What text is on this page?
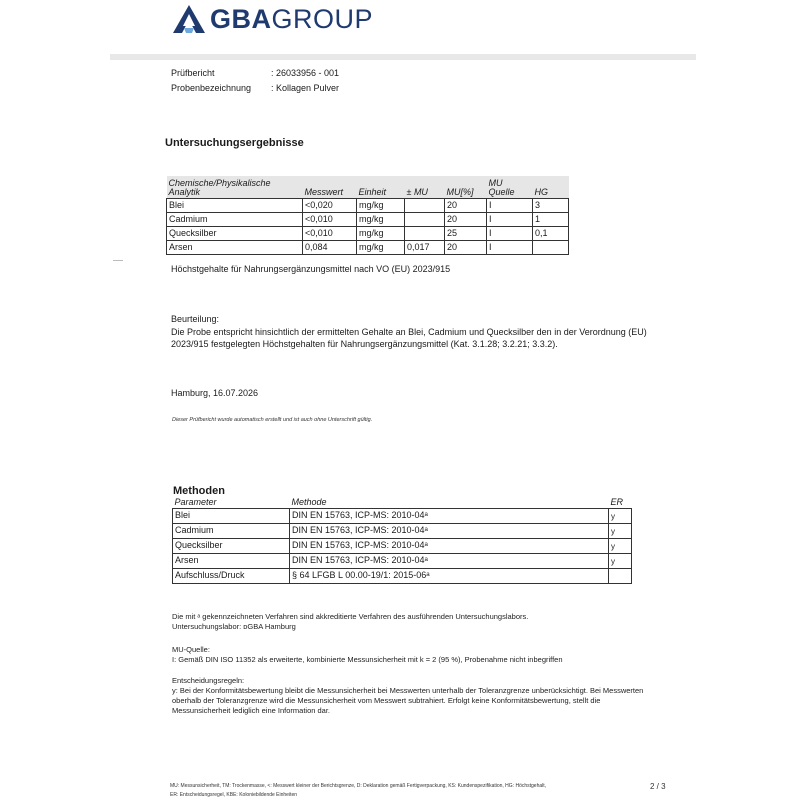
GBAGROUP
Prüfbericht	: 26033956 - 001
Probenbezeichnung : Kollagen Pulver
Untersuchungsergebnisse
Chemische/Physikalische Analytik	Messwert	Einheit	± MU	MU[%]	MU Quelle	HG
Blei	<0,020	mg/kg		20	I	3
Cadmium	<0,010	mg/kg		20	I	1
Quecksilber	<0,010	mg/kg		25	I	0,1
Arsen	0,084	mg/kg	0,017	20	I	
Höchstgehalte für Nahrungsergänzungsmittel nach VO (EU) 2023/915
Beurteilung:
Die Probe entspricht hinsichtlich der ermittelten Gehalte an Blei, Cadmium und Quecksilber den in der Verordnung (EU) 2023/915 festgelegten Höchstgehalten für Nahrungsergänzungsmittel (Kat. 3.1.28; 3.2.21; 3.3.2).
Hamburg, 16.07.2026
Dieser Prüfbericht wurde automatisch erstellt und ist auch ohne Unterschrift gültig.
Methoden
Parameter	Methode	ER
Blei	DIN EN 15763, ICP-MS: 2010-04ᵃ	y
Cadmium	DIN EN 15763, ICP-MS: 2010-04ᵃ	y
Quecksilber	DIN EN 15763, ICP-MS: 2010-04ᵃ	y
Arsen	DIN EN 15763, ICP-MS: 2010-04ᵃ	y
Aufschluss/Druck	§ 64 LFGB L 00.00-19/1: 2015-06ᵃ	
Die mit ᵃ gekennzeichneten Verfahren sind akkreditierte Verfahren des ausführenden Untersuchungslabors.
Untersuchungslabor: ᴅGBA Hamburg
MU-Quelle:
I: Gemäß DIN ISO 11352 als erweiterte, kombinierte Messunsicherheit mit k = 2 (95 %), Probenahme nicht inbegriffen
Entscheidungsregeln:
y: Bei der Konformitätsbewertung bleibt die Messunsicherheit bei Messwerten unterhalb der Toleranzgrenze unberücksichtigt. Bei Messwerten oberhalb der Toleranzgrenze wird die Messunsicherheit vom Messwert subtrahiert. Erfolgt keine Konformitätsbewertung, stellt die Messunsicherheit lediglich eine Information dar.
MU: Messunsicherheit, TM: Trockenmasse, <: Messwert kleiner der Berichtsgrenze, D: Deklaration gemäß Fertigverpackung, KS: Kundenspezifikation, HG: Höchstgehalt,
ER: Entscheidungsregel, KBE: Koloniebildende Einheiten
2 / 3
